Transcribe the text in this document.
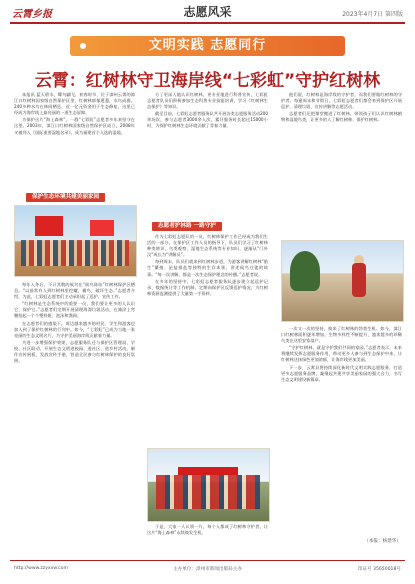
云霄乡报	志愿风采	2023年4月7日 第四版
文明实践 志愿同行
云霄：红树林守卫海岸线“七彩虹”守护红树林

本报讯 蓝天碧水、鹭鸟翩飞，初春时节，位于漳州云霄的漳江口红树林国家级自然保护区里，红树林郁郁葱葱，水鸟成群。240多种水鸟在林间栖息，近一亿元资金用于生态修复，这里已经成为海岸线上最亮丽的一道生态屏障。

为保护这片“海上森林”，一群“七彩虹”志愿者多年来坚守在这里。2003年，漳江口红树林国家级自然保护区成立，2008年又被列入《国际重要湿地名录》，成为福建首个入选的湿地。

方了更深入地认识红树林，更专业地进行科普宣传，七彩虹志愿者队员们积极参加生态科普专业技能培训，学习《红树林生态保护》等知识。

截至目前，七彩虹志愿者服务队共开展各类志愿服务活动200余场次，参与志愿者3000余人次，累计服务时长超过15000小时，为保护红树林生态环境贡献了青春力量。

他们说，红树林是海岸线的守护者，而我们要做红树林的守护者。每逢周末和节假日，七彩虹志愿者们都会来到保护区开展巡护、清理垃圾、宣传讲解等志愿活动。

志愿者们还把课堂搬进了红树林，带领孩子们认识红树林植物和湿地鸟类，让更多的人了解红树林、保护红树林。

保护生态环境共建美丽家园

每年入冬后，不计其数的候鸟在“候鸟驿站”红树林保护区栖息。“以前常有人到红树林里挖螺、捕鸟，破坏生态。”志愿者介绍，为此，七彩虹志愿者们主动承担起了巡护、宣传工作。

“红树林是生态系统中的重要一员，我们要让更多的人认识它、保护它。”志愿者们定期开展清理海漂垃圾活动，在滩涂上弯腰拾起一个个塑料瓶、泡沫和渔网。

在志愿者们的感染下，周边越来越多的村民、学生和游客也加入到了保护红树林的行列中。如今，“七彩虹”已成为当地一张亮丽的生态文明名片，为守护美丽海岸线贡献着力量。

为进一步增强保护效果，志愿服务队还与保护区管理局、学校、社区联动，开展生态文明进校园、进社区、进乡村活动，制作宣传展板，发放宣传手册，营造全民参与红树林保护的良好氛围。

志愿者护林路 一路守护

作为七彩虹志愿队的一员，红树林保护工作已经成为我们生活的一部分。在保护区工作人员的指导下，队员们学习了红树林种类辨识、鸟类观察、湿地生态系统等专业知识，逐渐从“门外汉”成长为“讲解员”。

每到周末，队员们就来到红树林步道，为游客讲解红树林“胎生”繁殖、泌盐排盐等独特的生存本领，讲述候鸟迁徙的故事。“每一次讲解，都是一次生态保护理念的传播。”志愿者说。

在多年的坚持中，七彩虹志愿者服务队逐步建立起巡护记录、数据统计等工作机制，定期向保护区反馈巡护情况，为红树林资源监测提供了大量第一手资料。

一次又一次的坚持，换来了红树林的勃勃生机。如今，漳江口红树林面积逐年增加，生物多样性不断提升，越来越多的珍稀鸟类在这里安家落户。

“守护红树林，就是守护我们共同的家园。”志愿者表示，未来将继续发挥志愿服务作用，带动更多人参与到生态保护中来，让红树林这抹绿色更加浓郁，让海岸线更加美丽。

下一步，云霄县将持续深化新时代文明实践志愿服务，打造更多志愿服务品牌，凝聚起共建共享美丽家园的强大合力，书写生态文明建设新篇章。

于是，大家一人认领一片，每个人都成了红树林守护者，让这片“海上森林”永续焕发生机。

（本报：杨建华）
http://www.zzyxxw.com	主办单位：漳州市新闻出版局主办	印证号 35650018号
